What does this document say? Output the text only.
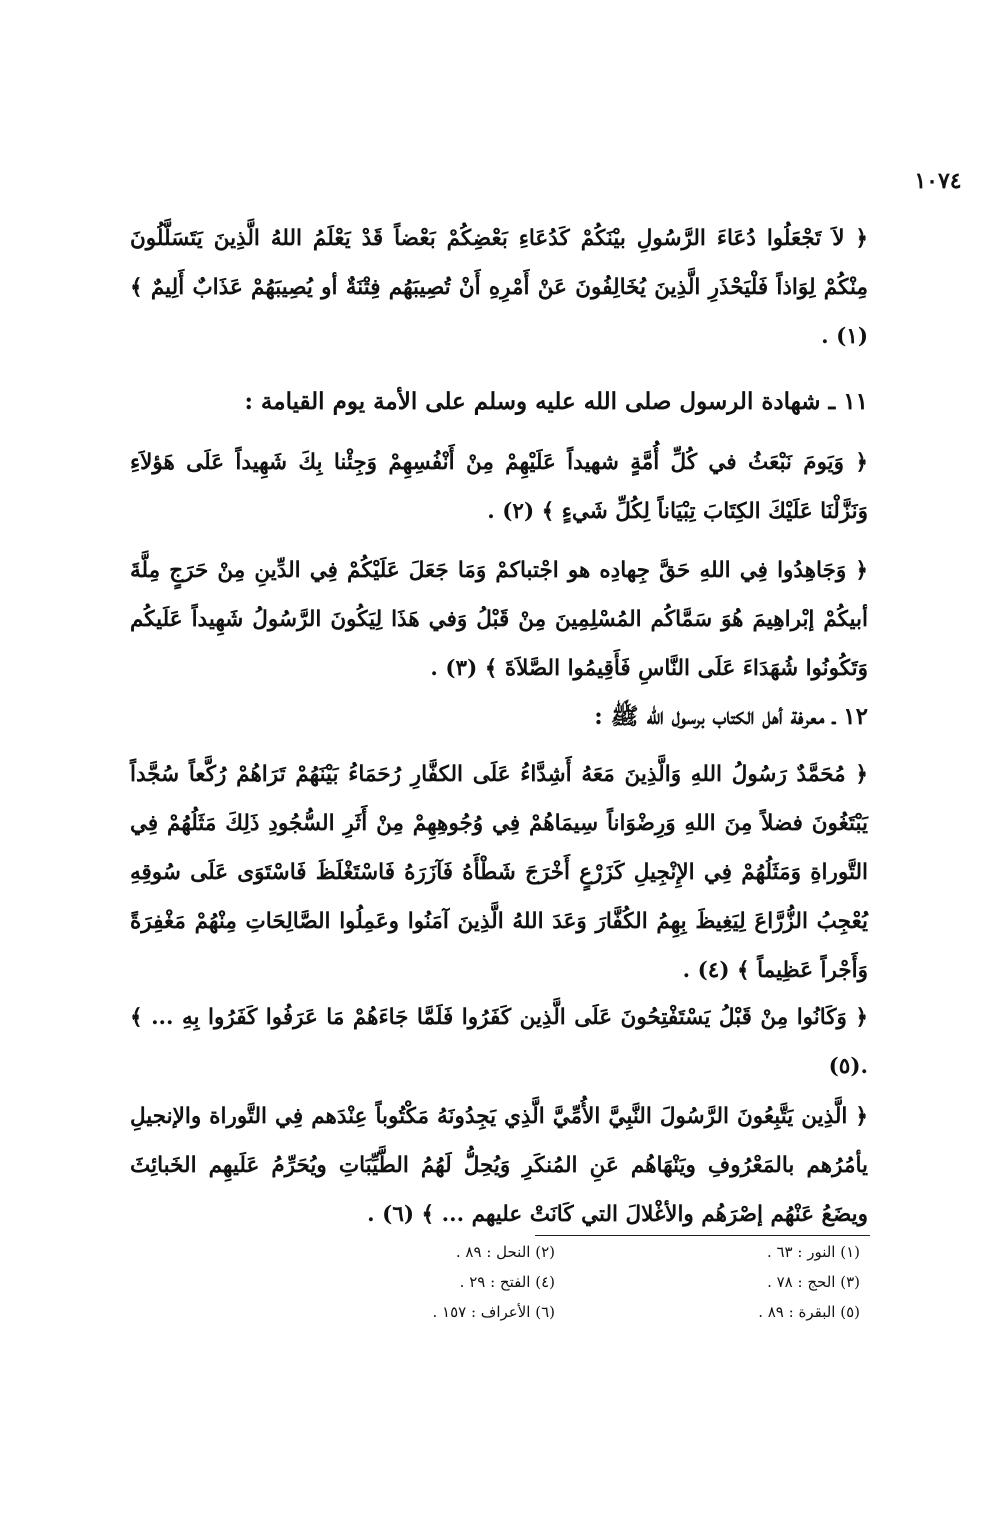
١٠٧٤

﴿ لاَ تَجْعَلُوا دُعَاءَ الرَّسُولِ بيْنَكُمْ كَدُعَاءِ بَعْضِكُمْ بَعْضاً قَدْ يَعْلَمُ اللهُ الَّذِينَ يَتَسَلَّلُونَ مِنْكُمْ لِوَاذاً فَلْيَحْذَرِ الَّذِينَ يُخَالِفُونَ عَنْ أَمْرِهِ أَنْ تُصِيبَهُم فِتْنَةٌ أو يُصِيبَهُمْ عَذَابٌ أَلِيمٌ ﴾ (١) .

١١ ـ شهادة الرسول صلى الله عليه وسلم على الأمة يوم القيامة :

﴿ وَيَومَ نَبْعَثُ في كُلِّ أُمَّةٍ شهيداً عَلَيْهِمْ مِنْ أَنْفُسِهِمْ وَجِئْنا بِكَ شَهِيداً عَلَى هَؤلاَءِ وَنَزَّلْنَا عَلَيْكَ الكِتَابَ تِبْيَاناً لِكُلِّ شَيءٍ ﴾ (٢) .

﴿ وَجَاهِدُوا فِي اللهِ حَقَّ جِهادِه هو اجْتباكمْ وَمَا جَعَلَ عَلَيْكُمْ فِي الدِّينِ مِنْ حَرَجٍ مِلَّةَ أبيكُمْ إبْراهِيمَ هُوَ سَمَّاكُم المُسْلِمِينَ مِنْ قَبْلُ وَفي هَذَا لِيَكُونَ الرَّسُولُ شَهِيداً عَلَيكُم وَتَكُونُوا شُهَدَاءَ عَلَى النَّاسِ فَأَقِيمُوا الصَّلاَةَ ﴾ (٣) .

١٢ ـ معرفة أهل الكتاب برسول الله ﷺ :

﴿ مُحَمَّدٌ رَسُولُ اللهِ وَالَّذِينَ مَعَهُ أَشِدَّاءُ عَلَى الكفَّارِ رُحَمَاءُ بَيْنَهُمْ تَرَاهُمْ رُكَّعاً سُجَّداً يَبْتَغُونَ فضلاً مِنَ اللهِ وَرِضْوَاناً سِيمَاهُمْ فِي وُجُوهِهِمْ مِنْ أَثَرِ السُّجُودِ ذَلِكَ مَثَلُهُمْ فِي التَّوراةِ وَمَثَلُهُمْ فِي الإِنْجِيلِ كَزَرْعٍ أَخْرَجَ شَطْأَهُ فَآزَرَهُ فَاسْتَغْلَظَ فَاسْتَوَى عَلَى سُوقِهِ يُعْجِبُ الزُّرَّاعَ لِيَغِيظَ بِهِمُ الكُفَّارَ وَعَدَ اللهُ الَّذِينَ آمَنُوا وعَمِلُوا الصَّالِحَاتِ مِنْهُمْ مَغْفِرَةً وَأَجْراً عَظِيماً ﴾ (٤) .

﴿ وَكَانُوا مِنْ قَبْلُ يَسْتَفْتِحُونَ عَلَى الَّذِين كَفَرُوا فَلَمَّا جَاءَهُمْ مَا عَرَفُوا كَفَرُوا بِهِ ... ﴾ .(٥)

﴿ الَّذِين يَتَّبِعُونَ الرَّسُولَ النَّبِيَّ الأُمِّيَّ الَّذِي يَجِدُونَهُ مَكْتُوباً عِنْدَهم فِي التَّوراة والإنجيلِ يأمُرُهم بالمَعْرُوفِ ويَنْهَاهُم عَنِ المُنكَرِ وَيُحِلُّ لَهُمُ الطَّيِّبَاتِ ويُحَرِّمُ عَلَيهِم الخَبائِثَ ويضَعُ عَنْهُم إصْرَهُم والأغْلالَ التي كَانَتْ عليهم ... ﴾ (٦) .

(١) النور : ٦٣ .
(٢) النحل : ٨٩ .
(٣) الحج : ٧٨ .
(٤) الفتح : ٢٩ .
(٥) البقرة : ٨٩ .
(٦) الأعراف : ١٥٧ .
